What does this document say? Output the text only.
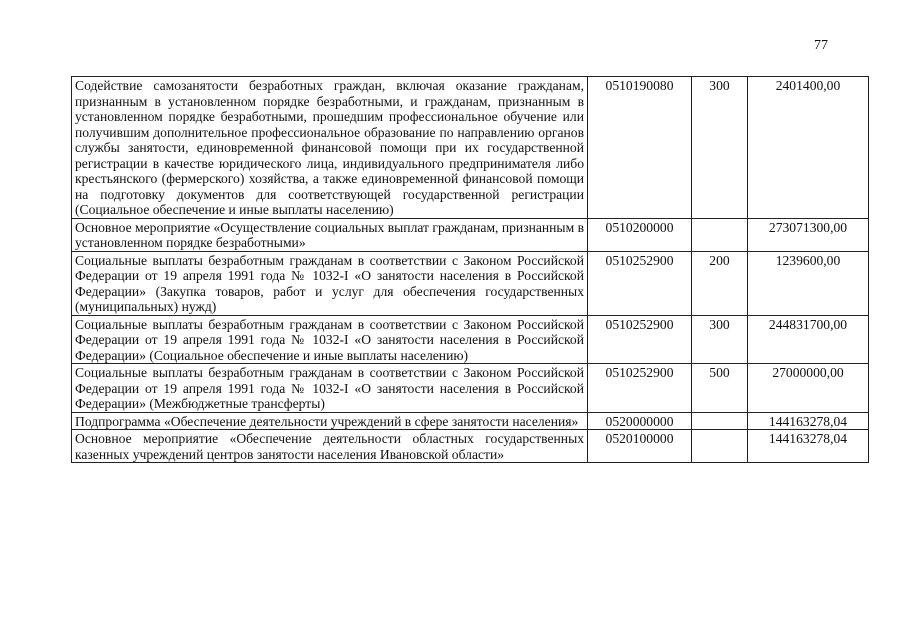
77
Содействие самозанятости безработных граждан, включая оказание гражданам, признанным в установленном порядке безработными, и гражданам, признанным в установленном порядке безработными, прошедшим профессиональное обучение или получившим дополнительное профессиональное образование по направлению органов службы занятости, единовременной финансовой помощи при их государственной регистрации в качестве юридического лица, индивидуального предпринимателя либо крестьянского (фермерского) хозяйства, а также единовременной финансовой помощи на подготовку документов для соответствующей государственной регистрации (Социальное обеспечение и иные выплаты населению)	0510190080	300	2401400,00
Основное мероприятие «Осуществление социальных выплат гражданам, признанным в установленном порядке безработными»	0510200000		273071300,00
Социальные выплаты безработным гражданам в соответствии с Законом Российской Федерации от 19 апреля 1991 года № 1032-I «О занятости населения в Российской Федерации» (Закупка товаров, работ и услуг для обеспечения государственных (муниципальных) нужд)	0510252900	200	1239600,00
Социальные выплаты безработным гражданам в соответствии с Законом Российской Федерации от 19 апреля 1991 года № 1032-I «О занятости населения в Российской Федерации» (Социальное обеспечение и иные выплаты населению)	0510252900	300	244831700,00
Социальные выплаты безработным гражданам в соответствии с Законом Российской Федерации от 19 апреля 1991 года № 1032-I «О занятости населения в Российской Федерации» (Межбюджетные трансферты)	0510252900	500	27000000,00
Подпрограмма «Обеспечение деятельности учреждений в сфере занятости населения»	0520000000		144163278,04
Основное мероприятие «Обеспечение деятельности областных государственных казенных учреждений центров занятости населения Ивановской области»	0520100000		144163278,04
